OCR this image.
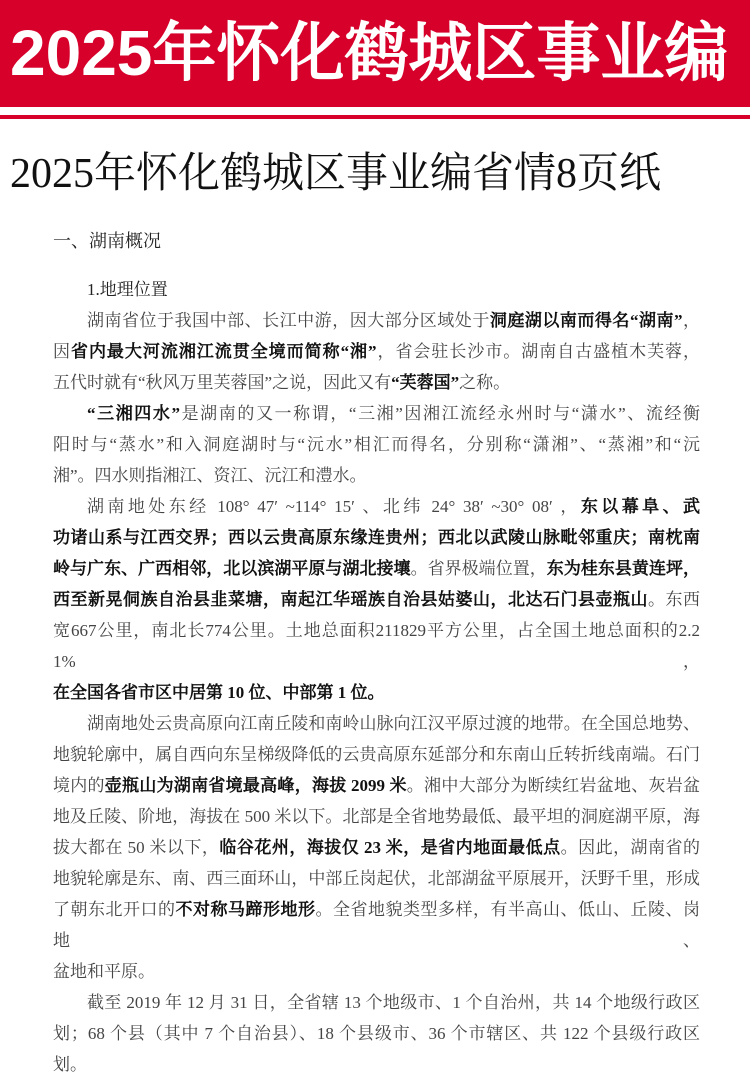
2025年怀化鹤城区事业编
2025年怀化鹤城区事业编省情8页纸
一、湖南概况
1.地理位置
湖南省位于我国中部、长江中游，因大部分区域处于洞庭湖以南而得名“湖南”，
因省内最大河流湘江流贯全境而简称“湘”，省会驻长沙市。湖南自古盛植木芙蓉，
五代时就有“秋风万里芙蓉国”之说，因此又有“芙蓉国”之称。
“三湘四水”是湖南的又一称谓，“三湘”因湘江流经永州时与“潇水”、流经衡
阳时与“蒸水”和入洞庭湖时与“沅水”相汇而得名，分别称“潇湘”、“蒸湘”和“沅
湘”。四水则指湘江、资江、沅江和澧水。
湖南地处东经 108° 47′ ~114° 15′ 、北纬 24° 38′ ~30° 08′ ，东以幕阜、武
功诸山系与江西交界；西以云贵高原东缘连贵州；西北以武陵山脉毗邻重庆；南枕南
岭与广东、广西相邻，北以滨湖平原与湖北接壤。省界极端位置，东为桂东县黄连坪，
西至新晃侗族自治县韭菜塘，南起江华瑶族自治县姑婆山，北达石门县壶瓶山。东西
宽667公里，南北长774公里。土地总面积211829平方公里，占全国土地总面积的2.21%，
在全国各省市区中居第 10 位、中部第 1 位。
湖南地处云贵高原向江南丘陵和南岭山脉向江汉平原过渡的地带。在全国总地势、
地貌轮廓中，属自西向东呈梯级降低的云贵高原东延部分和东南山丘转折线南端。石门
境内的壶瓶山为湖南省境最高峰，海拔 2099 米。湘中大部分为断续红岩盆地、灰岩盆
地及丘陵、阶地，海拔在 500 米以下。北部是全省地势最低、最平坦的洞庭湖平原，海
拔大都在 50 米以下，临谷花州，海拔仅 23 米，是省内地面最低点。因此，湖南省的
地貌轮廓是东、南、西三面环山，中部丘岗起伏，北部湖盆平原展开，沃野千里，形成
了朝东北开口的不对称马蹄形地形。全省地貌类型多样，有半高山、低山、丘陵、岗地、
盆地和平原。
截至 2019 年 12 月 31 日，全省辖 13 个地级市、1 个自治州，共 14 个地级行政区
划；68 个县（其中 7 个自治县）、18 个县级市、36 个市辖区、共 122 个县级行政区划。
